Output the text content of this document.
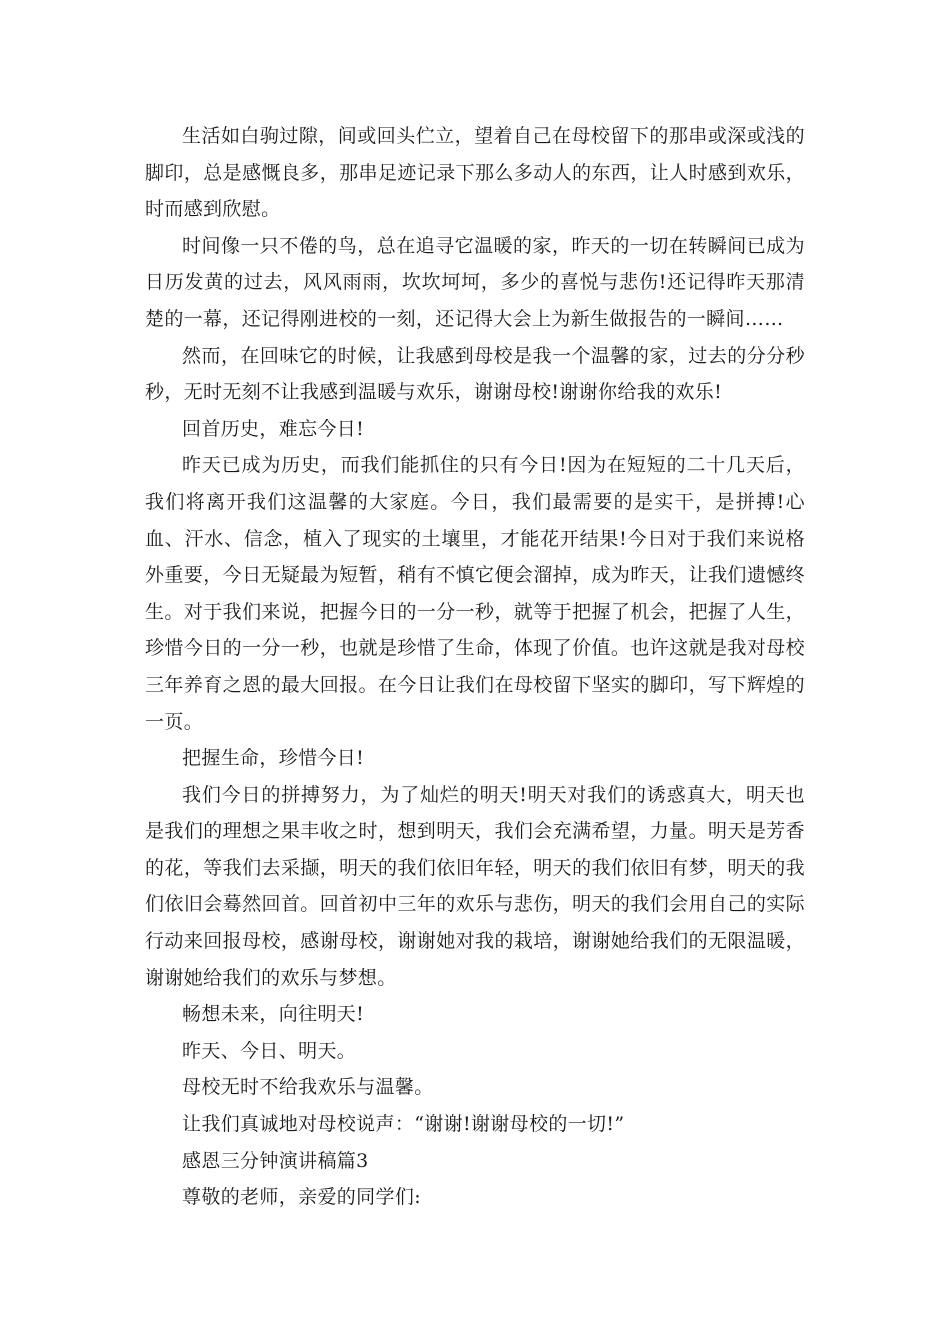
生活如白驹过隙，间或回头伫立，望着自己在母校留下的那串或深或浅的脚印，总是感慨良多，那串足迹记录下那么多动人的东西，让人时感到欢乐，时而感到欣慰。

时间像一只不倦的鸟，总在追寻它温暖的家，昨天的一切在转瞬间已成为日历发黄的过去，风风雨雨，坎坎坷坷，多少的喜悦与悲伤!还记得昨天那清楚的一幕，还记得刚进校的一刻，还记得大会上为新生做报告的一瞬间……

然而，在回味它的时候，让我感到母校是我一个温馨的家，过去的分分秒秒，无时无刻不让我感到温暖与欢乐，谢谢母校!谢谢你给我的欢乐!

回首历史，难忘今日!

昨天已成为历史，而我们能抓住的只有今日!因为在短短的二十几天后，我们将离开我们这温馨的大家庭。今日，我们最需要的是实干，是拼搏!心血、汗水、信念，植入了现实的土壤里，才能花开结果!今日对于我们来说格外重要，今日无疑最为短暂，稍有不慎它便会溜掉，成为昨天，让我们遗憾终生。对于我们来说，把握今日的一分一秒，就等于把握了机会，把握了人生，珍惜今日的一分一秒，也就是珍惜了生命，体现了价值。也许这就是我对母校三年养育之恩的最大回报。在今日让我们在母校留下坚实的脚印，写下辉煌的一页。

把握生命，珍惜今日!

我们今日的拼搏努力，为了灿烂的明天!明天对我们的诱惑真大，明天也是我们的理想之果丰收之时，想到明天，我们会充满希望，力量。明天是芳香的花，等我们去采撷，明天的我们依旧年轻，明天的我们依旧有梦，明天的我们依旧会蓦然回首。回首初中三年的欢乐与悲伤，明天的我们会用自己的实际行动来回报母校，感谢母校，谢谢她对我的栽培，谢谢她给我们的无限温暖，谢谢她给我们的欢乐与梦想。

畅想未来，向往明天!

昨天、今日、明天。

母校无时不给我欢乐与温馨。

让我们真诚地对母校说声：“谢谢!谢谢母校的一切!”

感恩三分钟演讲稿篇3

尊敬的老师，亲爱的同学们:
